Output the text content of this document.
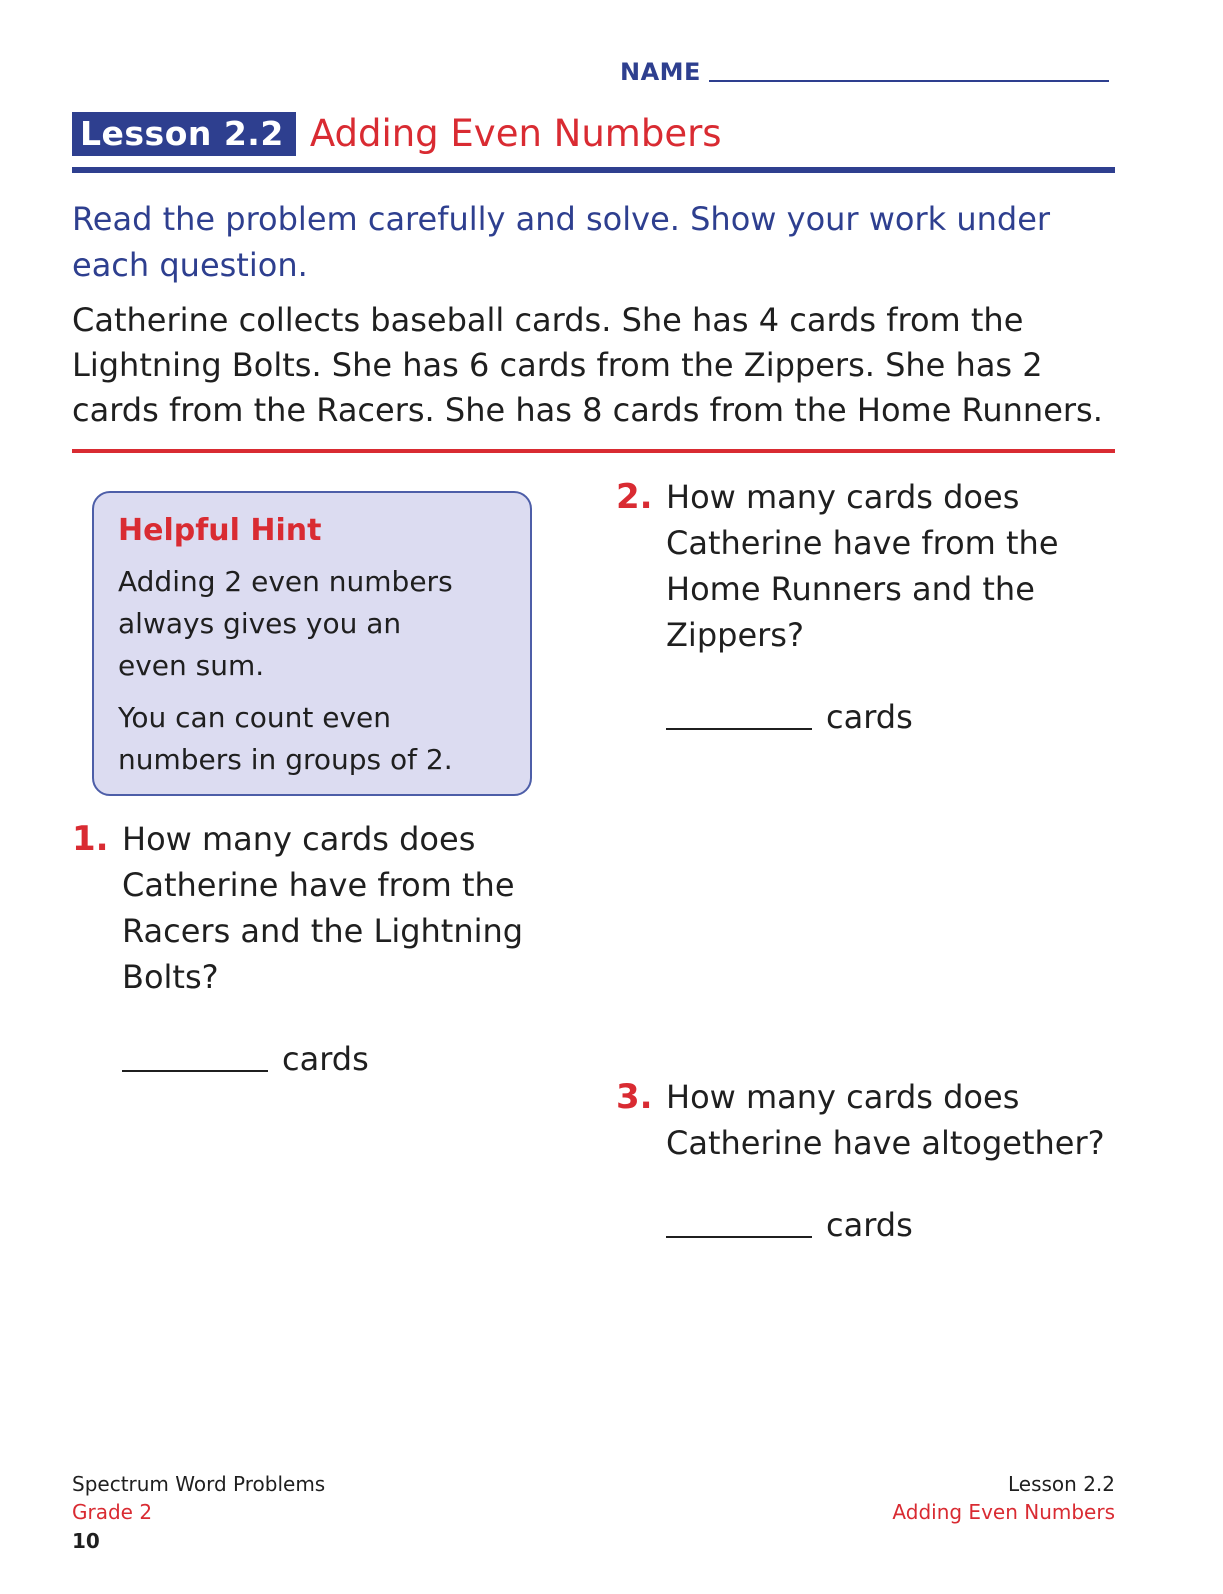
NAME
Lesson 2.2 Adding Even Numbers
Read the problem carefully and solve. Show your work under
each question.
Catherine collects baseball cards. She has 4 cards from the
Lightning Bolts. She has 6 cards from the Zippers. She has 2
cards from the Racers. She has 8 cards from the Home Runners.
Helpful Hint

Adding 2 even numbers
always gives you an
even sum.

You can count even
numbers in groups of 2.

1. How many cards does
Catherine have from the
Racers and the Lightning
Bolts?
cards
2. How many cards does
Catherine have from the
Home Runners and the
Zippers?
cards
3. How many cards does
Catherine have altogether?
cards
Spectrum Word Problems
Grade 2
10
Lesson 2.2
Adding Even Numbers
